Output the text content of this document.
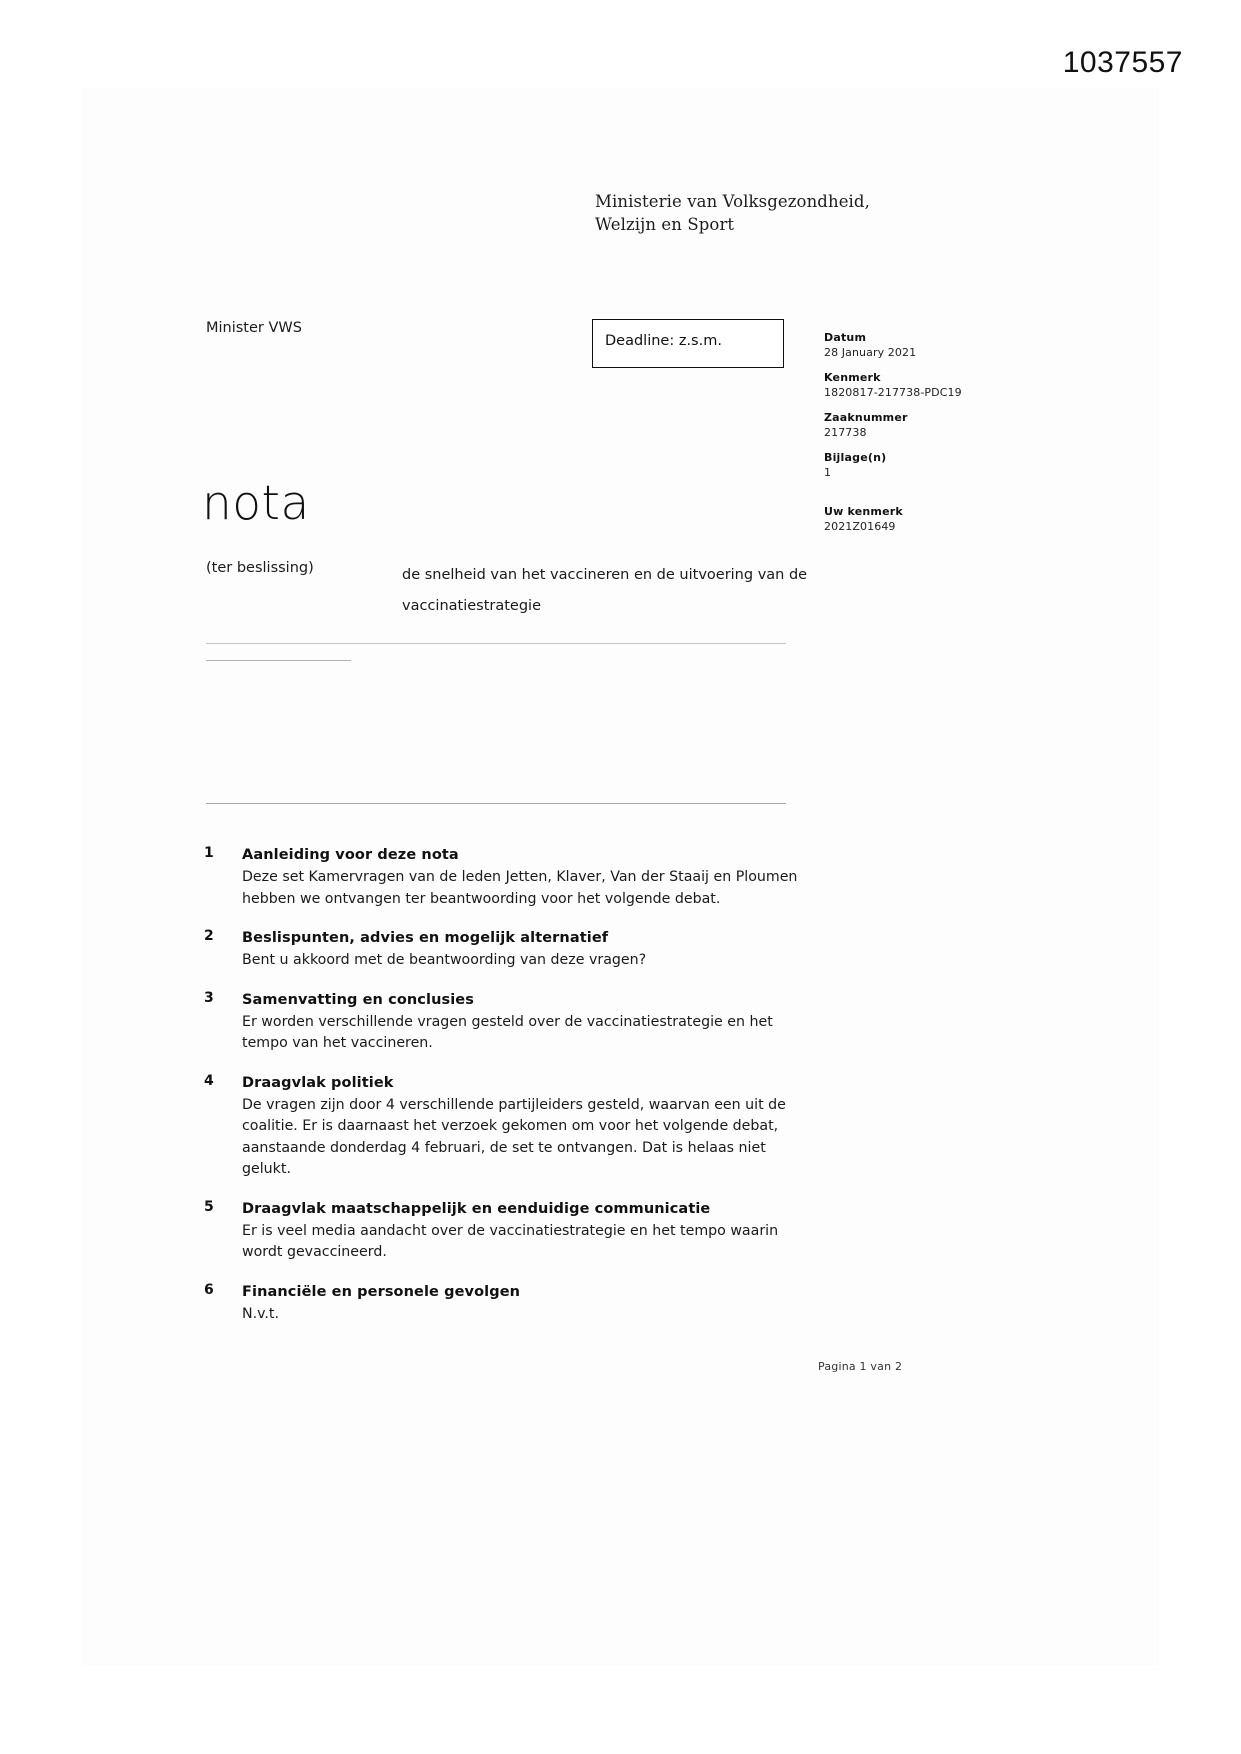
1037557
Ministerie van Volksgezondheid,
Welzijn en Sport
Minister VWS
Deadline: z.s.m.	Datum
28 January 2021
Kenmerk
1820817-217738-PDC19
Zaaknummer
217738
Bijlage(n)
1
Uw kenmerk
2021Z01649
nota
(ter beslissing)	de snelheid van het vaccineren en de uitvoering van de vaccinatiestrategie
1	Aanleiding voor deze nota
Deze set Kamervragen van de leden Jetten, Klaver, Van der Staaij en Ploumen hebben we ontvangen ter beantwoording voor het volgende debat.
2	Beslispunten, advies en mogelijk alternatief
Bent u akkoord met de beantwoording van deze vragen?
3	Samenvatting en conclusies
Er worden verschillende vragen gesteld over de vaccinatiestrategie en het tempo van het vaccineren.
4	Draagvlak politiek
De vragen zijn door 4 verschillende partijleiders gesteld, waarvan een uit de coalitie. Er is daarnaast het verzoek gekomen om voor het volgende debat, aanstaande donderdag 4 februari, de set te ontvangen. Dat is helaas niet gelukt.
5	Draagvlak maatschappelijk en eenduidige communicatie
Er is veel media aandacht over de vaccinatiestrategie en het tempo waarin wordt gevaccineerd.
6	Financiële en personele gevolgen
N.v.t.
Pagina 1 van 2
